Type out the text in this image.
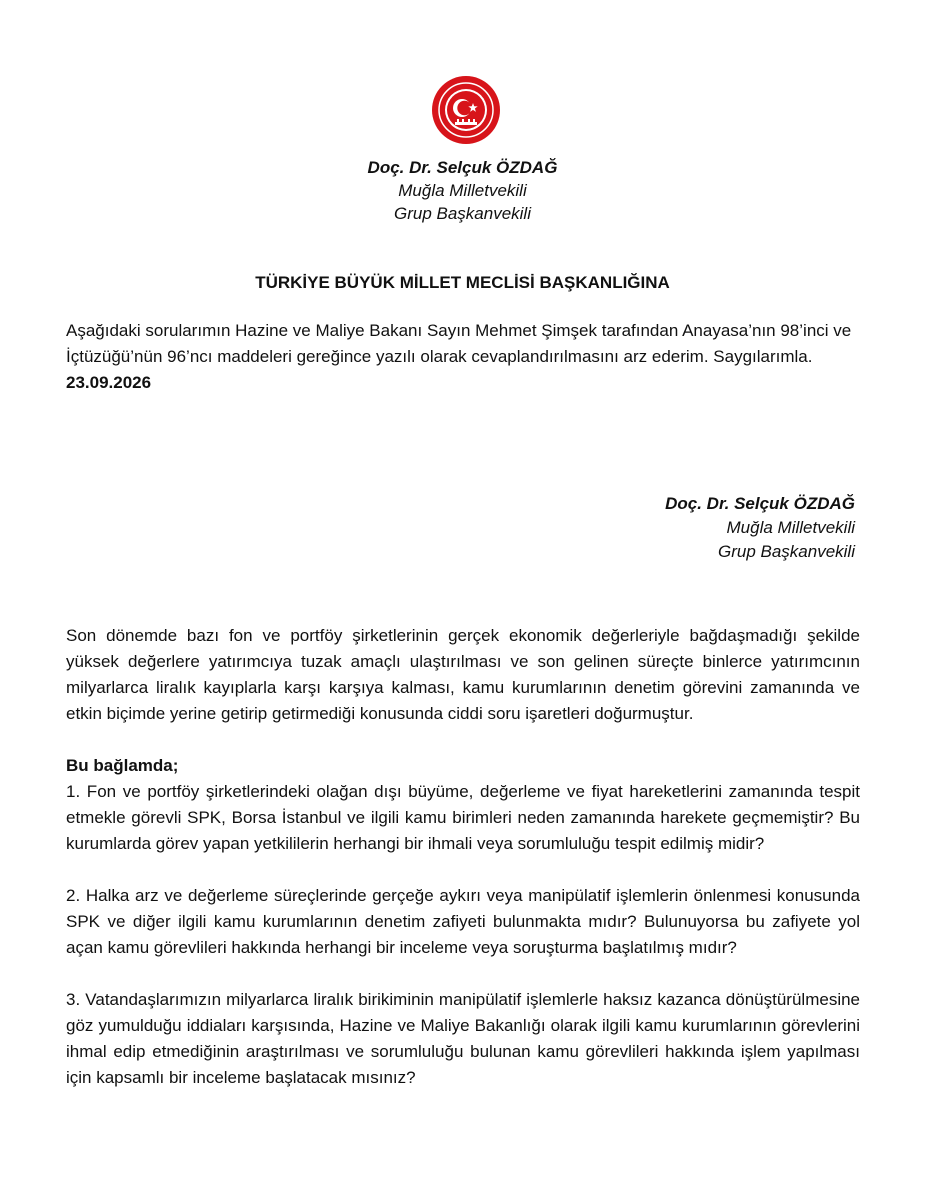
Doç. Dr. Selçuk ÖZDAĞ
Muğla Milletvekili
Grup Başkanvekili
TÜRKİYE BÜYÜK MİLLET MECLİSİ BAŞKANLIĞINA
Aşağıdaki sorularımın Hazine ve Maliye Bakanı Sayın Mehmet Şimşek tarafından Anayasa’nın 98’inci ve İçtüzüğü’nün 96’ncı maddeleri gereğince yazılı olarak cevaplandırılmasını arz ederim. Saygılarımla. 23.09.2026
Doç. Dr. Selçuk ÖZDAĞ
Muğla Milletvekili
Grup Başkanvekili

Son dönemde bazı fon ve portföy şirketlerinin gerçek ekonomik değerleriyle bağdaşmadığı şekilde yüksek değerlere yatırımcıya tuzak amaçlı ulaştırılması ve son gelinen süreçte binlerce yatırımcının milyarlarca liralık kayıplarla karşı karşıya kalması, kamu kurumlarının denetim görevini zamanında ve etkin biçimde yerine getirip getirmediği konusunda ciddi soru işaretleri doğurmuştur.

Bu bağlamda;

1. Fon ve portföy şirketlerindeki olağan dışı büyüme, değerleme ve fiyat hareketlerini zamanında tespit etmekle görevli SPK, Borsa İstanbul ve ilgili kamu birimleri neden zamanında harekete geçmemiştir? Bu kurumlarda görev yapan yetkililerin herhangi bir ihmali veya sorumluluğu tespit edilmiş midir?

2. Halka arz ve değerleme süreçlerinde gerçeğe aykırı veya manipülatif işlemlerin önlenmesi konusunda SPK ve diğer ilgili kamu kurumlarının denetim zafiyeti bulunmakta mıdır? Bulunuyorsa bu zafiyete yol açan kamu görevlileri hakkında herhangi bir inceleme veya soruşturma başlatılmış mıdır?

3. Vatandaşlarımızın milyarlarca liralık birikiminin manipülatif işlemlerle haksız kazanca dönüştürülmesine göz yumulduğu iddiaları karşısında, Hazine ve Maliye Bakanlığı olarak ilgili kamu kurumlarının görevlerini ihmal edip etmediğinin araştırılması ve sorumluluğu bulunan kamu görevlileri hakkında işlem yapılması için kapsamlı bir inceleme başlatacak mısınız?
